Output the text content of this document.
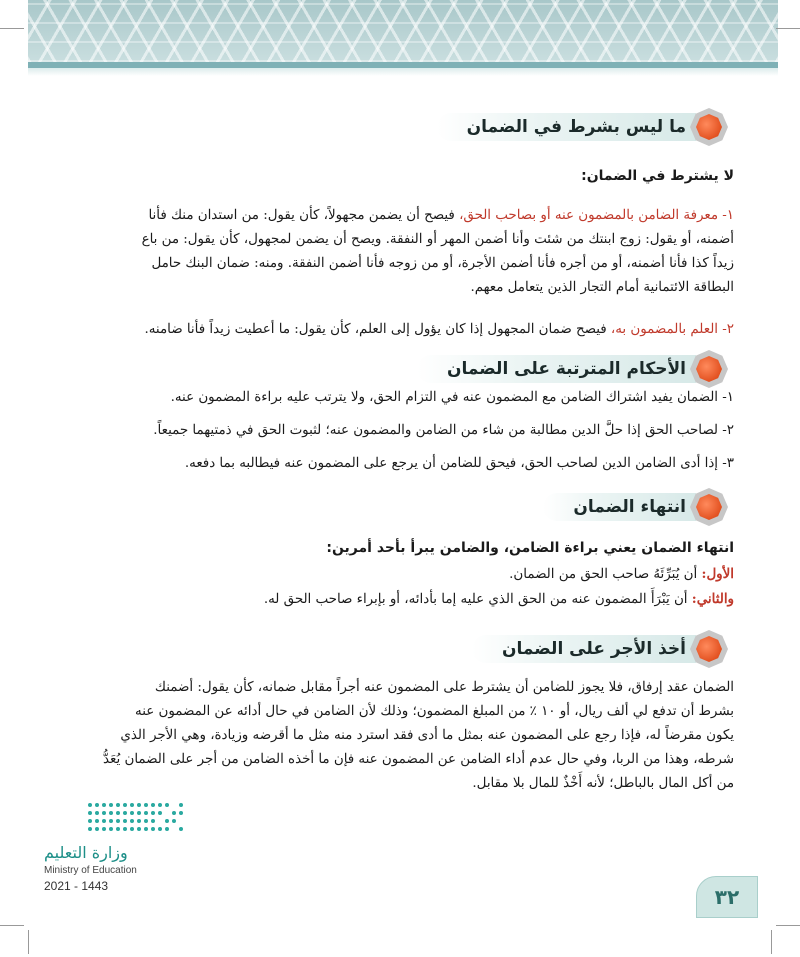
ما ليس بشرط في الضمان

لا يشترط في الضمان:

١- معرفة الضامن بالمضمون عنه أو بصاحب الحق، فيصح أن يضمن مجهولاً، كأن يقول: من استدان منك فأنا

أضمنه، أو يقول: زوج ابنتك من شئت وأنا أضمن المهر أو النفقة. ويصح أن يضمن لمجهول، كأن يقول: من باع

زيداً كذا فأنا أضمنه، أو من أجره فأنا أضمن الأجرة، أو من زوجه فأنا أضمن النفقة. ومنه: ضمان البنك حامل

البطاقة الائتمانية أمام التجار الذين يتعامل معهم.

٢- العلم بالمضمون به، فيصح ضمان المجهول إذا كان يؤول إلى العلم، كأن يقول: ما أعطيت زيداً فأنا ضامنه.

الأحكام المترتبة على الضمان

١- الضمان يفيد اشتراك الضامن مع المضمون عنه في التزام الحق، ولا يترتب عليه براءة المضمون عنه.

٢- لصاحب الحق إذا حلَّ الدين مطالبة من شاء من الضامن والمضمون عنه؛ لثبوت الحق في ذمتيهما جميعاً.

٣- إذا أدى الضامن الدين لصاحب الحق، فيحق للضامن أن يرجع على المضمون عنه فيطالبه بما دفعه.

انتهاء الضمان

انتهاء الضمان يعني براءة الضامن، والضامن يبرأ بأحد أمرين:

الأول: أن يُبَرِّئَهُ صاحب الحق من الضمان.

والثاني: أن يَبْرَأَ المضمون عنه من الحق الذي عليه إما بأدائه، أو بإبراء صاحب الحق له.

أخذ الأجر على الضمان

الضمان عقد إرفاق، فلا يجوز للضامن أن يشترط على المضمون عنه أجراً مقابل ضمانه، كأن يقول: أضمنك

بشرط أن تدفع لي ألف ريال، أو ١٠ ٪ من المبلغ المضمون؛ وذلك لأن الضامن في حال أدائه عن المضمون عنه

يكون مقرضاً له، فإذا رجع على المضمون عنه بمثل ما أدى فقد استرد منه مثل ما أقرضه وزيادة، وهي الأجر الذي

شرطه، وهذا من الربا، وفي حال عدم أداء الضامن عن المضمون عنه فإن ما أخذه الضامن من أجر على الضمان يُعَدُّ

من أكل المال بالباطل؛ لأنه أَخْذٌ للمال بلا مقابل.

وزارة التعليم
Ministry of Education
2021 - 1443	٣٢
